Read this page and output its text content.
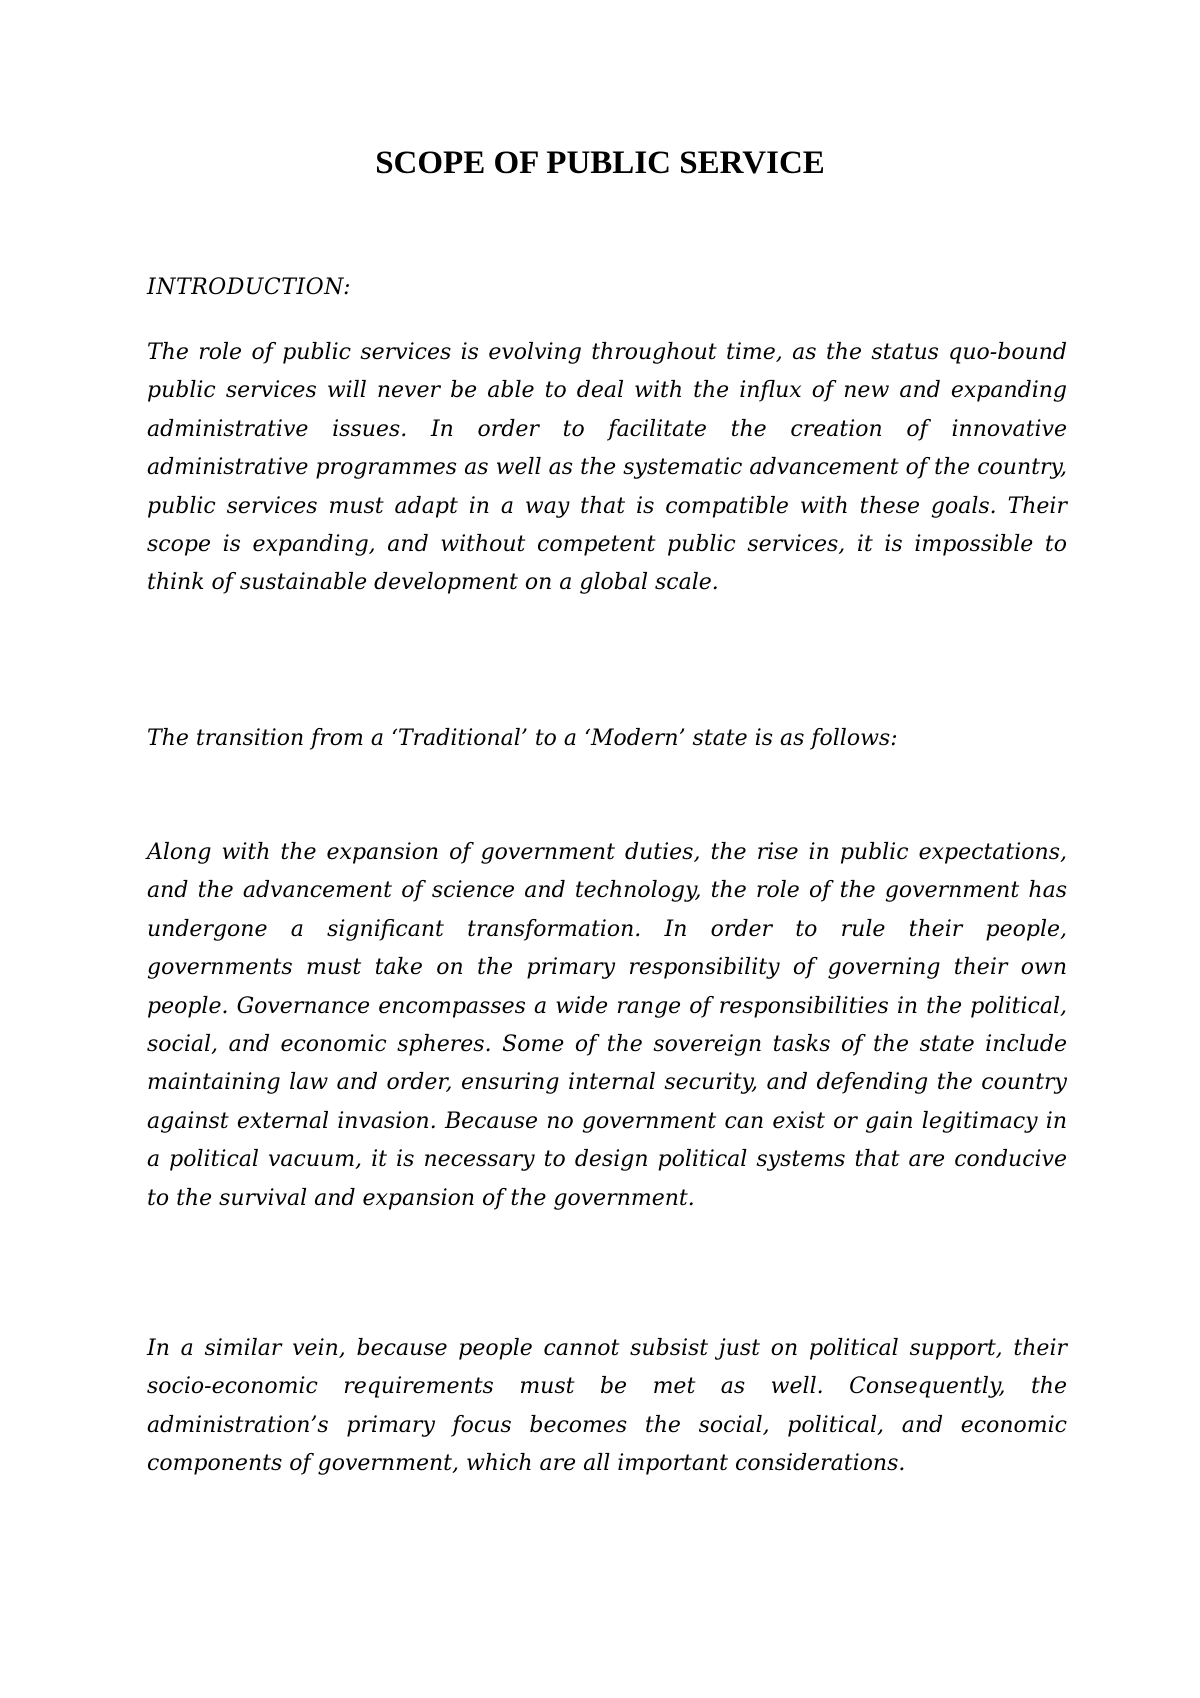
SCOPE OF PUBLIC SERVICE

INTRODUCTION:

The role of public services is evolving throughout time, as the status quo-bound public services will never be able to deal with the influx of new and expanding administrative issues. In order to facilitate the creation of innovative administrative programmes as well as the systematic advancement of the country, public services must adapt in a way that is compatible with these goals. Their scope is expanding, and without competent public services, it is impossible to think of sustainable development on a global scale.

The transition from a ‘Traditional’ to a ‘Modern’ state is as follows:

Along with the expansion of government duties, the rise in public expectations, and the advancement of science and technology, the role of the government has undergone a significant transformation. In order to rule their people, governments must take on the primary responsibility of governing their own people. Governance encompasses a wide range of responsibilities in the political, social, and economic spheres. Some of the sovereign tasks of the state include maintaining law and order, ensuring internal security, and defending the country against external invasion. Because no government can exist or gain legitimacy in a political vacuum, it is necessary to design political systems that are conducive to the survival and expansion of the government.

In a similar vein, because people cannot subsist just on political support, their socio-economic requirements must be met as well. Consequently, the administration’s primary focus becomes the social, political, and economic components of government, which are all important considerations.
